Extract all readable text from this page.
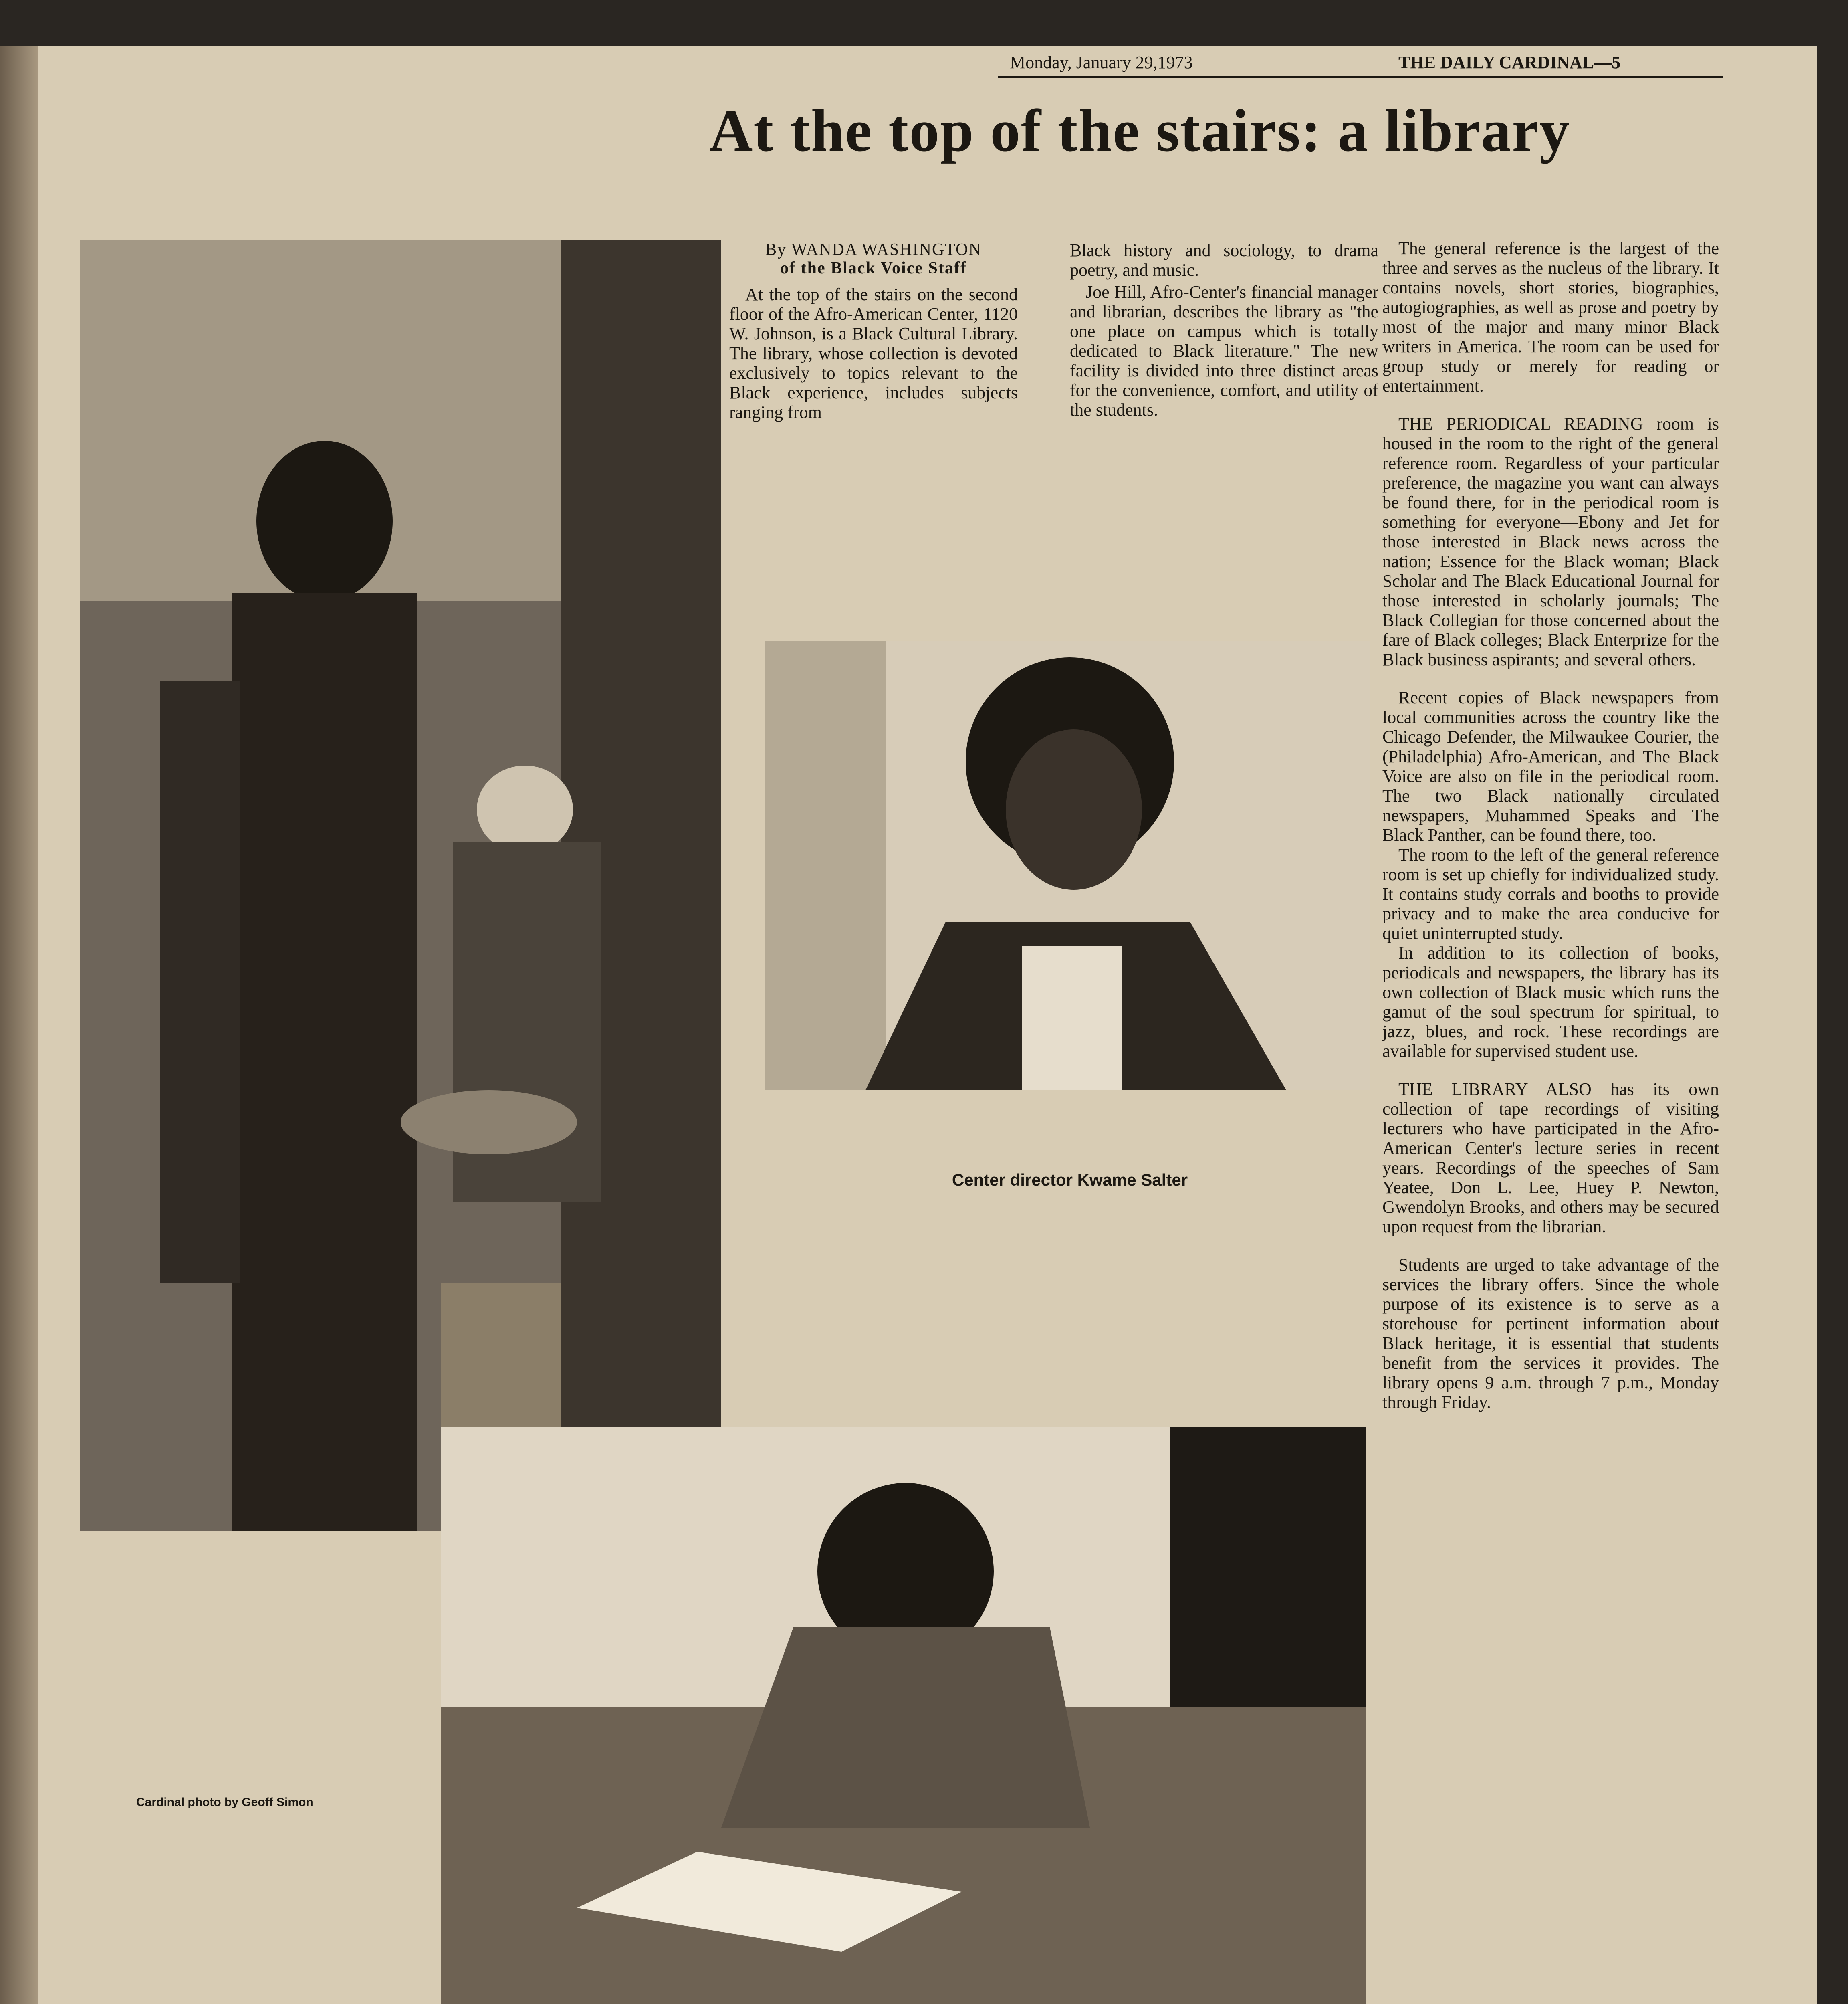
Monday, January 29,1973	THE DAILY CARDINAL—5
At the top of the stairs: a library
By WANDA WASHINGTON
of the Black Voice Staff

At the top of the stairs on the second floor of the Afro-American Center, 1120 W. Johnson, is a Black Cultural Library. The library, whose collection is devoted exclusively to topics relevant to the Black experience, includes subjects ranging from

Black history and sociology, to drama poetry, and music.

Joe Hill, Afro-Center's financial manager and librarian, describes the library as "the one place on campus which is totally dedicated to Black literature." The new facility is divided into three distinct areas for the convenience, comfort, and utility of the students.

Center director Kwame Salter
Cardinal photo by Geoff Simon

The general reference is the largest of the three and serves as the nucleus of the library. It contains novels, short stories, biographies, autogiographies, as well as prose and poetry by most of the major and many minor Black writers in America. The room can be used for group study or merely for reading or entertainment.

THE PERIODICAL READING room is housed in the room to the right of the general reference room. Regardless of your particular preference, the magazine you want can always be found there, for in the periodical room is something for everyone—Ebony and Jet for those interested in Black news across the nation; Essence for the Black woman; Black Scholar and The Black Educational Journal for those interested in scholarly journals; The Black Collegian for those concerned about the fare of Black colleges; Black Enterprize for the Black business aspirants; and several others.

Recent copies of Black newspapers from local communities across the country like the Chicago Defender, the Milwaukee Courier, the (Philadelphia) Afro-American, and The Black Voice are also on file in the periodical room. The two Black nationally circulated newspapers, Muhammed Speaks and The Black Panther, can be found there, too.

The room to the left of the general reference room is set up chiefly for individualized study. It contains study corrals and booths to provide privacy and to make the area conducive for quiet uninterrupted study.

In addition to its collection of books, periodicals and newspapers, the library has its own collection of Black music which runs the gamut of the soul spectrum for spiritual, to jazz, blues, and rock. These recordings are available for supervised student use.

THE LIBRARY ALSO has its own collection of tape recordings of visiting lecturers who have participated in the Afro-American Center's lecture series in recent years. Recordings of the speeches of Sam Yeatee, Don L. Lee, Huey P. Newton, Gwendolyn Brooks, and others may be secured upon request from the librarian.

Students are urged to take advantage of the services the library offers. Since the whole purpose of its existence is to serve as a storehouse for pertinent information about Black heritage, it is essential that students benefit from the services it provides. The library opens 9 a.m. through 7 p.m., Monday through Friday.
